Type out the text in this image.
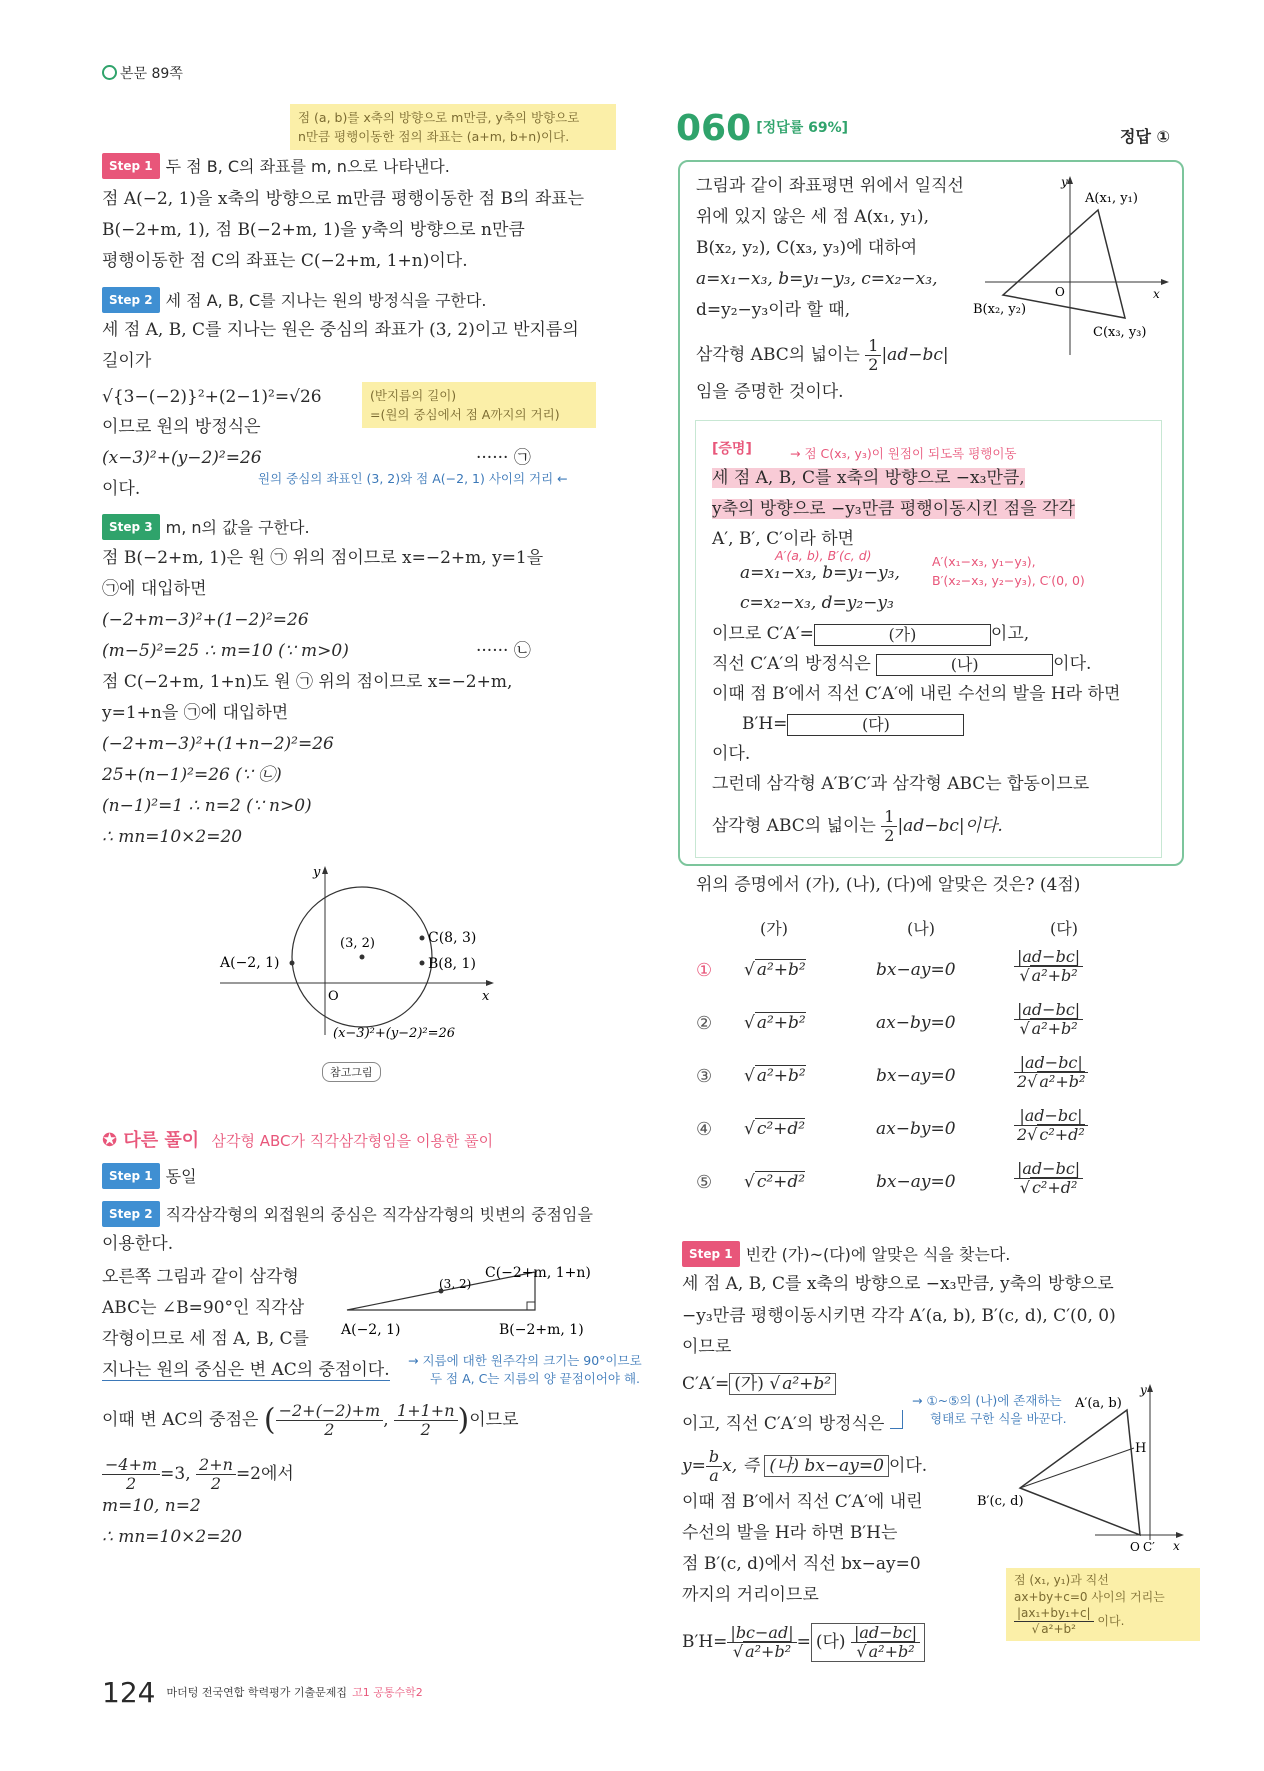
본문 89쪽
점 (a, b)를 x축의 방향으로 m만큼, y축의 방향으로
n만큼 평행이동한 점의 좌표는 (a+m, b+n)이다.
Step 1 두 점 B, C의 좌표를 m, n으로 나타낸다.
점 A(−2, 1)을 x축의 방향으로 m만큼 평행이동한 점 B의 좌표는
B(−2+m, 1), 점 B(−2+m, 1)을 y축의 방향으로 n만큼
평행이동한 점 C의 좌표는 C(−2+m, 1+n)이다.
Step 2 세 점 A, B, C를 지나는 원의 방정식을 구한다.
세 점 A, B, C를 지나는 원은 중심의 좌표가 (3, 2)이고 반지름의
길이가
√{3−(−2)}²+(2−1)²=√26
이므로 원의 방정식은
(x−3)²+(y−2)²=26	······ ㉠
이다.
(반지름의 길이)
=(원의 중심에서 점 A까지의 거리)
원의 중심의 좌표인 (3, 2)와 점 A(−2, 1) 사이의 거리 ←
Step 3 m, n의 값을 구한다.
점 B(−2+m, 1)은 원 ㉠ 위의 점이므로 x=−2+m, y=1을
㉠에 대입하면
(−2+m−3)²+(1−2)²=26
(m−5)²=25 ∴ m=10 (∵ m>0)	······ ㉡
점 C(−2+m, 1+n)도 원 ㉠ 위의 점이므로 x=−2+m,
y=1+n을 ㉠에 대입하면
(−2+m−3)²+(1+n−2)²=26
25+(n−1)²=26 (∵ ㉡)
(n−1)²=1 ∴ n=2 (∵ n>0)
∴ mn=10×2=20
y
x
O
(3, 2)
A(−2, 1)
C(8, 3)
B(8, 1)
(x−3)²+(y−2)²=26
참고그림
✪ 다른 풀이 삼각형 ABC가 직각삼각형임을 이용한 풀이
Step 1 동일
Step 2 직각삼각형의 외접원의 중심은 직각삼각형의 빗변의 중점임을
이용한다.
오른쪽 그림과 같이 삼각형
ABC는 ∠B=90°인 직각삼
각형이므로 세 점 A, B, C를
지나는 원의 중심은 변 AC의 중점이다.
C(−2+m, 1+n)
(3, 2)
A(−2, 1)	B(−2+m, 1)
→ 지름에 대한 원주각의 크기는 90°이므로
두 점 A, C는 지름의 양 끝점이어야 해.
이때 변 AC의 중점은 ( $\frac{-2+(-2)+m}{2}$ , $\frac{1+1+n}{2}$ )이므로
$\frac{-4+m}{2} =3$, $\frac{2+n}{2} =2$에서
m=10, n=2
∴ mn=10×2=20
060 [정답률 69%]	정답 ①
그림과 같이 좌표평면 위에서 일직선
위에 있지 않은 세 점 A(x₁, y₁),
B(x₂, y₂), C(x₃, y₃)에 대하여
a=x₁−x₃, b=y₁−y₃, c=x₂−x₃,
d=y₂−y₃이라 할 때,
삼각형 ABC의 넓이는 $\frac{1}{2} |ad-bc|$
임을 증명한 것이다.
y
x
O
A(x₁, y₁)
B(x₂, y₂)
C(x₃, y₃)
[증명]	→ 점 C(x₃, y₃)이 원점이 되도록 평행이동
세 점 A, B, C를 x축의 방향으로 −x₃만큼,
y축의 방향으로 −y₃만큼 평행이동시킨 점을 각각
A′, B′, C′이라 하면
A′(a, b), B′(c, d)	A′(x₁−x₃, y₁−y₃),
B′(x₂−x₃, y₂−y₃), C′(0, 0)
a=x₁−x₃, b=y₁−y₃,
c=x₂−x₃, d=y₂−y₃
이므로 C′A′=	(가)	이고,
직선 C′A′의 방정식은	(나)	이다.
이때 점 B′에서 직선 C′A′에 내린 수선의 발을 H라 하면
B′H=	(다)
이다.
그런데 삼각형 A′B′C′과 삼각형 ABC는 합동이므로
삼각형 ABC의 넓이는 $\frac{1}{2} |ad-bc|$이다.
위의 증명에서 (가), (나), (다)에 알맞은 것은? (4점)
(가)	(나)	(다)
① √ a²+b²	bx−ay=0	$\frac{|ad-bc|}{\text{√ a²+b²}}$
② √ a²+b²	ax−by=0	$\frac{|ad-bc|}{\text{√ a²+b²}}$
③ √ a²+b²	bx−ay=0	$\frac{|ad-bc|}{\text{2√ a²+b²}}$
④ √ c²+d²	ax−by=0	$\frac{|ad-bc|}{\text{2√ c²+d²}}$
⑤ √ c²+d²	bx−ay=0	$\frac{|ad-bc|}{\text{√ c²+d²}}$
Step 1 빈칸 (가)~(다)에 알맞은 식을 찾는다.
세 점 A, B, C를 x축의 방향으로 −x₃만큼, y축의 방향으로
−y₃만큼 평행이동시키면 각각 A′(a, b), B′(c, d), C′(0, 0)
이므로
C′A′= (가) √ a²+b²
이고, 직선 C′A′의 방정식은
$y= \frac{b}{a} x$, 즉 (나) bx−ay=0 이다.
이때 점 B′에서 직선 C′A′에 내린
수선의 발을 H라 하면 B′H는
점 B′(c, d)에서 직선 bx−ay=0
까지의 거리이므로
$B'H= \frac{|bc-ad|}{\text{√ a²+b²}}$ = (다) $\frac{|ad-bc|}{\text{√ a²+b²}}$
→ ①~⑤의 (나)에 존재하는
형태로 구한 식을 바꾼다.
y
x
O C′
A′(a, b)
H
B′(c, d)
점 (x₁, y₁)과 직선
ax+by+c=0 사이의 거리는
$\frac{\text{|ax₁+by₁+c|}}{\text{√ a²+b²}}$ 이다.
124 $^{마더텅 전국연합 학력평가 기출문제집}$ $^{고1 공통수학2}$
